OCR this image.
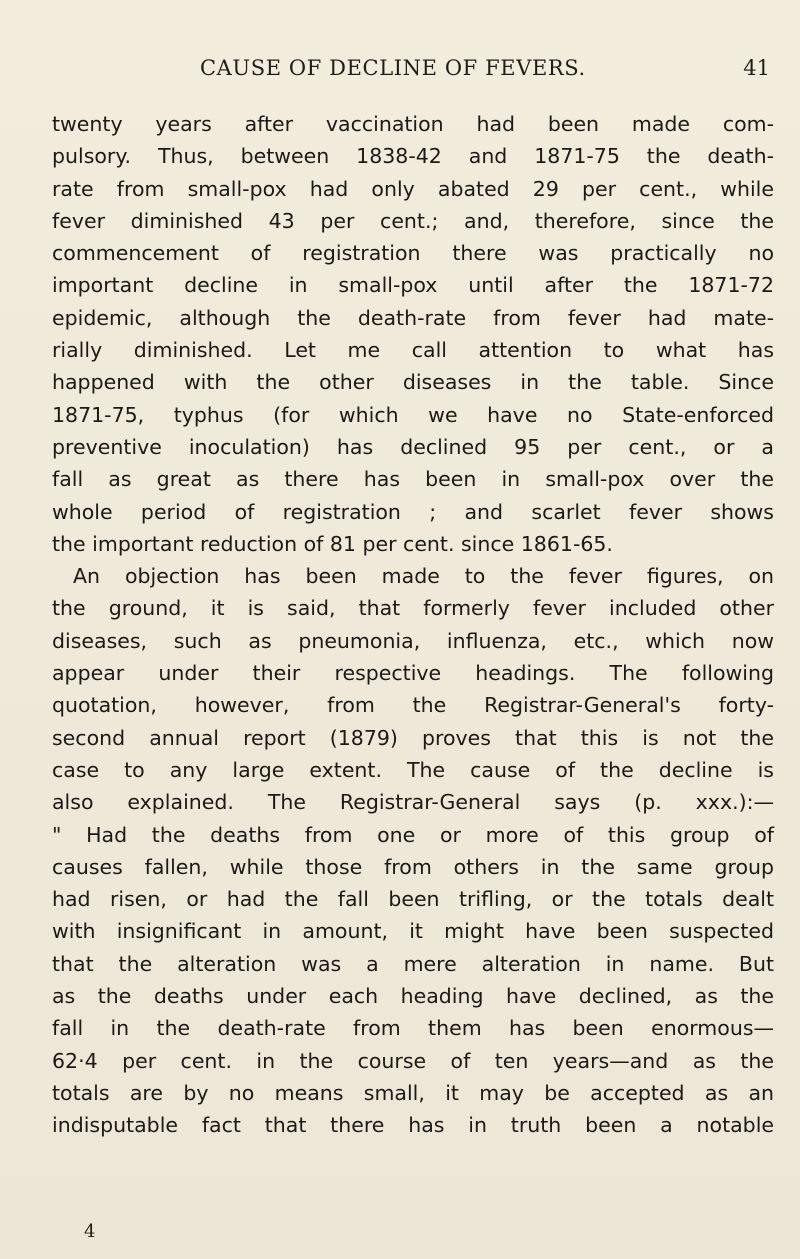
CAUSE OF DECLINE OF FEVERS.	41
twenty years after vaccination had been made com-
pulsory. Thus, between 1838-42 and 1871-75 the death-
rate from small-pox had only abated 29 per cent., while
fever diminished 43 per cent.; and, therefore, since the
commencement of registration there was practically no
important decline in small-pox until after the 1871-72
epidemic, although the death-rate from fever had mate-
rially diminished. Let me call attention to what has
happened with the other diseases in the table. Since
1871-75, typhus (for which we have no State-enforced
preventive inoculation) has declined 95 per cent., or a
fall as great as there has been in small-pox over the
whole period of registration ; and scarlet fever shows
the important reduction of 81 per cent. since 1861-65.
An objection has been made to the fever figures, on
the ground, it is said, that formerly fever included other
diseases, such as pneumonia, influenza, etc., which now
appear under their respective headings. The following
quotation, however, from the Registrar-General's forty-
second annual report (1879) proves that this is not the
case to any large extent. The cause of the decline is
also explained. The Registrar-General says (p. xxx.):—
" Had the deaths from one or more of this group of
causes fallen, while those from others in the same group
had risen, or had the fall been trifling, or the totals dealt
with insignificant in amount, it might have been suspected
that the alteration was a mere alteration in name. But
as the deaths under each heading have declined, as the
fall in the death-rate from them has been enormous—
62·4 per cent. in the course of ten years—and as the
totals are by no means small, it may be accepted as an
indisputable fact that there has in truth been a notable
4
